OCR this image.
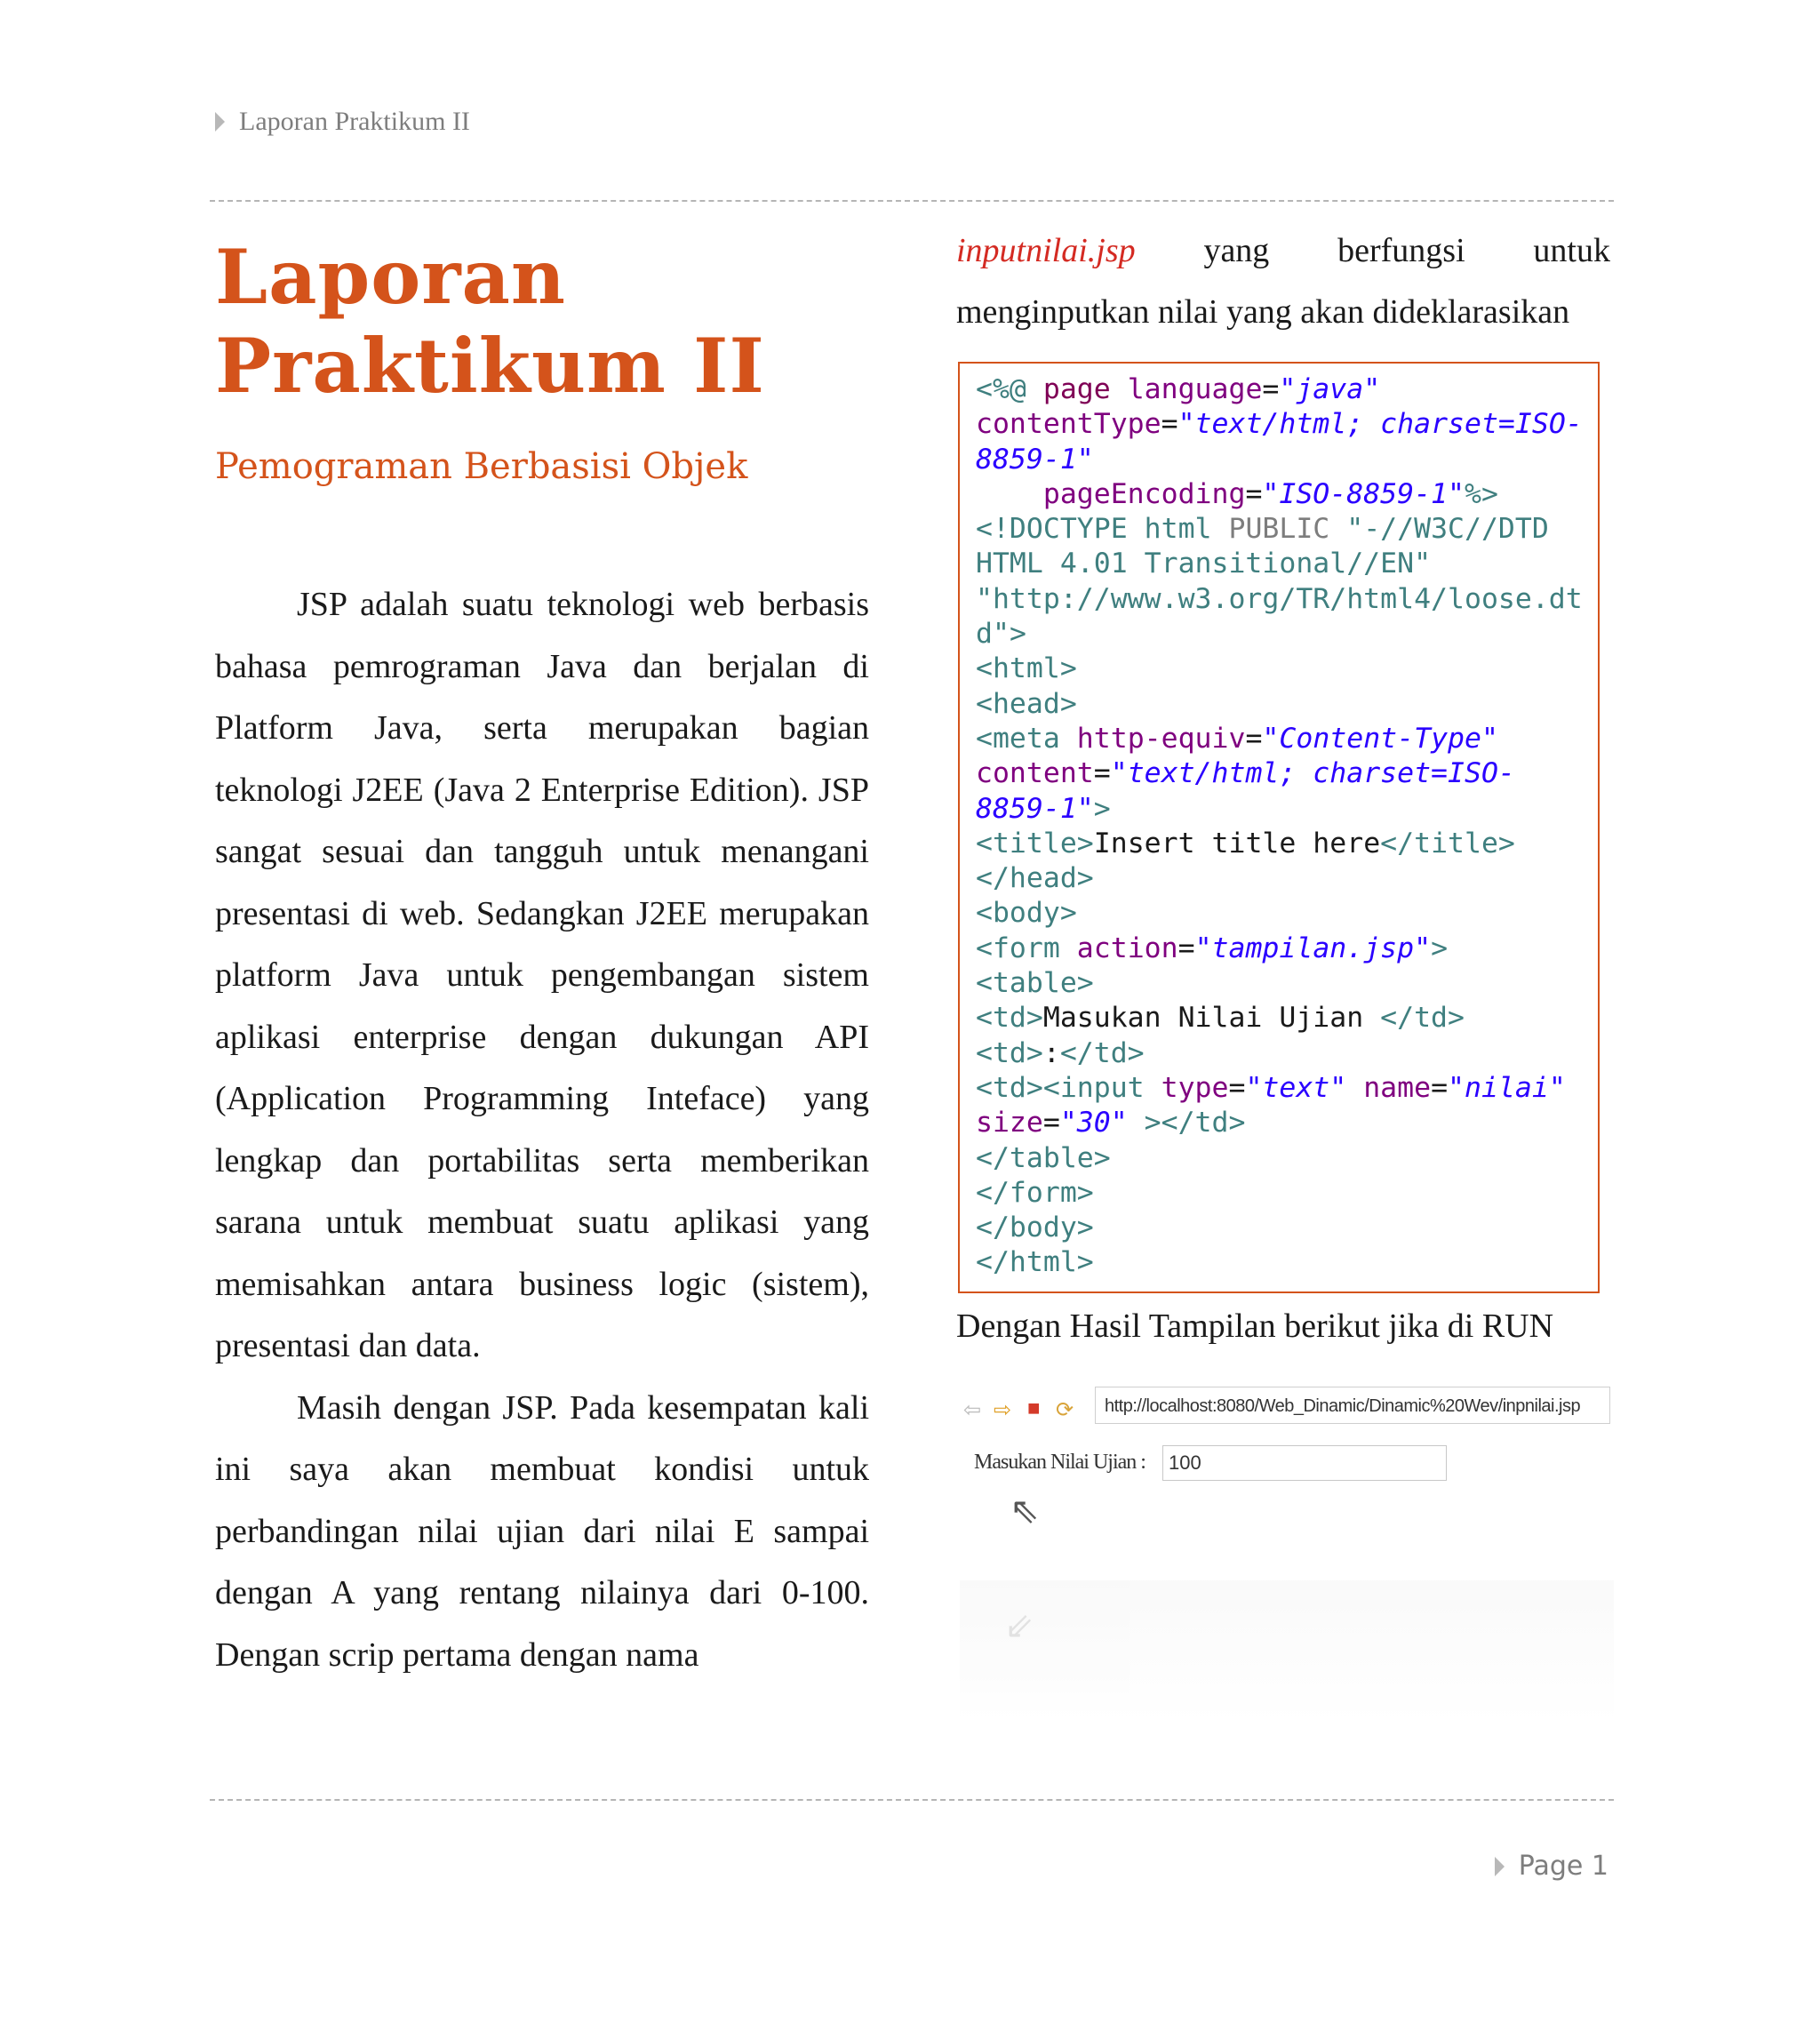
Laporan Praktikum II
Laporan
Praktikum II
Pemograman Berbasisi Objek

JSP adalah suatu teknologi web berbasis bahasa pemrograman Java dan berjalan di Platform Java, serta merupakan bagian teknologi J2EE (Java 2 Enterprise Edition). JSP sangat sesuai dan tangguh untuk menangani presentasi di web. Sedangkan J2EE merupakan platform Java untuk pengembangan sistem aplikasi enterprise dengan dukungan API (Application Programming Inteface) yang lengkap dan portabilitas serta memberikan sarana untuk membuat suatu aplikasi yang memisahkan antara business logic (sistem), presentasi dan data.

Masih dengan JSP. Pada kesempatan kali ini saya akan membuat kondisi untuk perbandingan nilai ujian dari nilai E sampai dengan A yang rentang nilainya dari 0-100. Dengan scrip pertama dengan nama

inputnilai.jsp yang berfungsi untuk menginputkan nilai yang akan dideklarasikan

<%@ page language="java"
contentType="text/html; charset=ISO-
8859-1"
pageEncoding="ISO-8859-1"%>
<!DOCTYPE html PUBLIC "-//W3C//DTD
HTML 4.01 Transitional//EN"
"http://www.w3.org/TR/html4/loose.dt
d">
<html>
<head>
<meta http-equiv="Content-Type"
content="text/html; charset=ISO-
8859-1">
<title>Insert title here</title>
</head>
<body>
<form action="tampilan.jsp">
<table>
<td>Masukan Nilai Ujian </td>
<td>:</td>
<td><input type="text" name="nilai"
size="30" ></td>
</table>
</form>
</body>
</html>
Dengan Hasil Tampilan berikut jika di RUN
⇦ ⇨ ■ ⟳	http://localhost:8080/Web_Dinamic/Dinamic%20Wev/inpnilai.jsp
Masukan Nilai Ujian :	100
⇖
⇖
Page 1
